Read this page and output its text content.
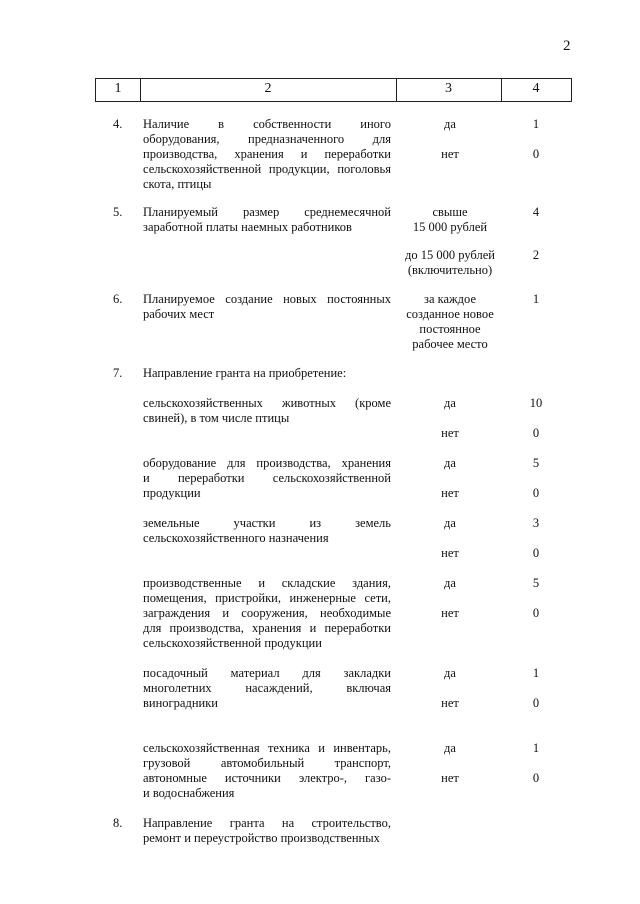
2
1	2	3	4
4.	Наличие в собственности иного
оборудования, предназначенного для
производства, хранения и переработки
сельскохозяйственной продукции, поголовья
скота, птицы
да	1
нет	0
5.	Планируемый размер среднемесячной
заработной платы наемных работников
свыше
15 000 рублей
4
до 15 000 рублей
(включительно)
2
6.	Планируемое создание новых постоянных
рабочих мест
за каждое
созданное новое
постоянное
рабочее место
1
7.	Направление гранта на приобретение:
сельскохозяйственных животных (кроме
свиней), в том числе птицы
да	10
нет	0
оборудование для производства, хранения
и переработки сельскохозяйственной
продукции
да	5
нет	0
земельные участки из земель
сельскохозяйственного назначения
да	3
нет	0
производственные и складские здания,
помещения, пристройки, инженерные сети,
заграждения и сооружения, необходимые
для производства, хранения и переработки
сельскохозяйственной продукции
да	5
нет	0
посадочный материал для закладки
многолетних насаждений, включая
виноградники
да	1
нет	0
сельскохозяйственная техника и инвентарь,
грузовой автомобильный транспорт,
автономные источники электро-, газо-
и водоснабжения
да	1
нет	0
8.	Направление гранта на строительство,
ремонт и переустройство производственных
